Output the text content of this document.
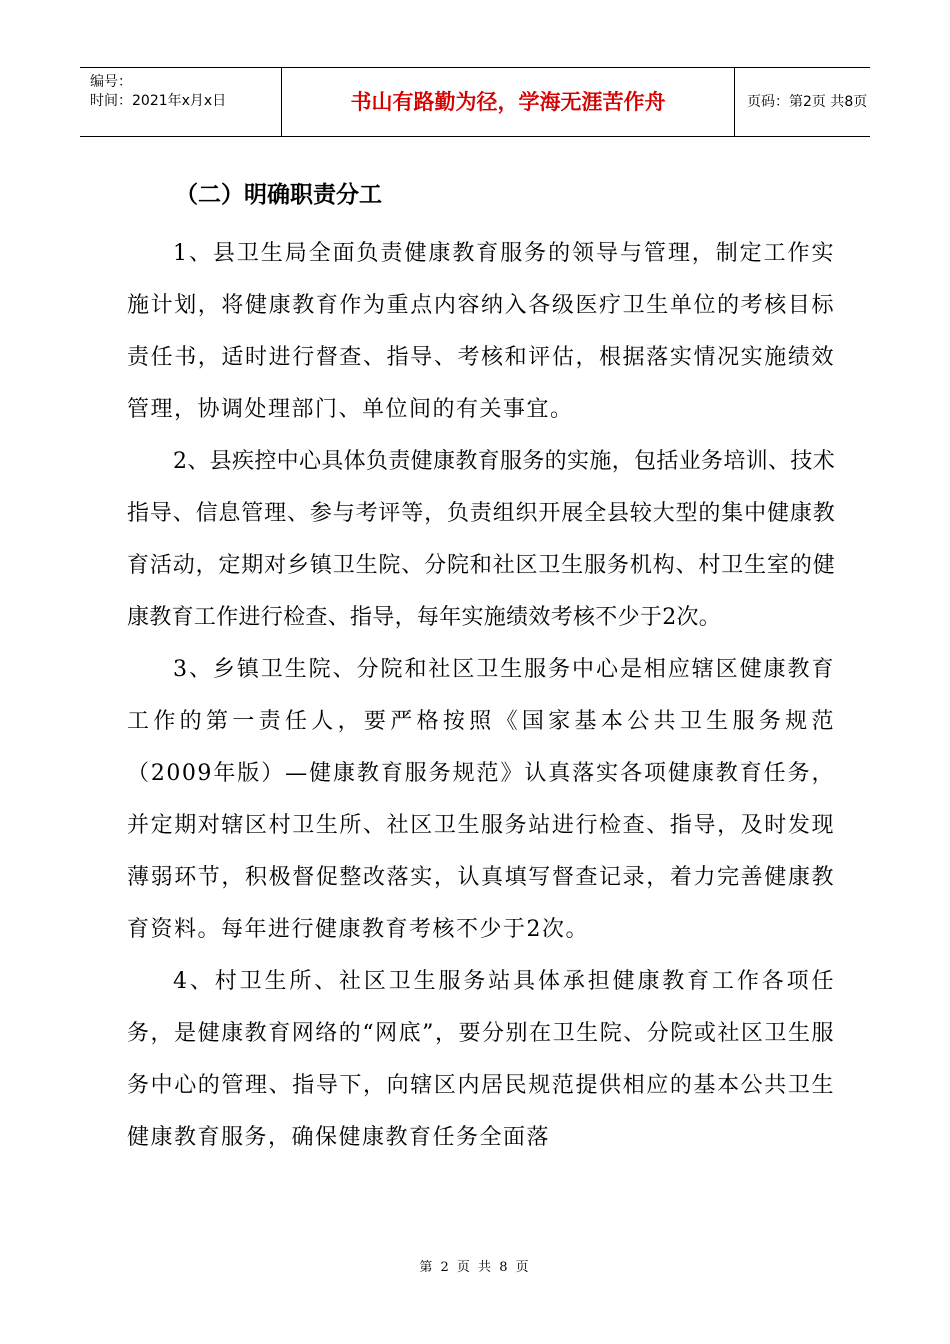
编号：
时间：2021年x月x日	书山有路勤为径，学海无涯苦作舟	页码：第2页 共8页
（二）明确职责分工

1、县卫生局全面负责健康教育服务的领导与管理，制定工作实施计划，将健康教育作为重点内容纳入各级医疗卫生单位的考核目标责任书，适时进行督查、指导、考核和评估，根据落实情况实施绩效管理，协调处理部门、单位间的有关事宜。

2、县疾控中心具体负责健康教育服务的实施，包括业务培训、技术指导、信息管理、参与考评等，负责组织开展全县较大型的集中健康教育活动，定期对乡镇卫生院、分院和社区卫生服务机构、村卫生室的健康教育工作进行检查、指导，每年实施绩效考核不少于2次。

3、乡镇卫生院、分院和社区卫生服务中心是相应辖区健康教育工作的第一责任人，要严格按照《国家基本公共卫生服务规范（2009年版）—健康教育服务规范》认真落实各项健康教育任务，并定期对辖区村卫生所、社区卫生服务站进行检查、指导，及时发现薄弱环节，积极督促整改落实，认真填写督查记录，着力完善健康教育资料。每年进行健康教育考核不少于2次。

4、村卫生所、社区卫生服务站具体承担健康教育工作各项任务，是健康教育网络的“网底”，要分别在卫生院、分院或社区卫生服务中心的管理、指导下，向辖区内居民规范提供相应的基本公共卫生健康教育服务，确保健康教育任务全面落

第 2 页 共 8 页
